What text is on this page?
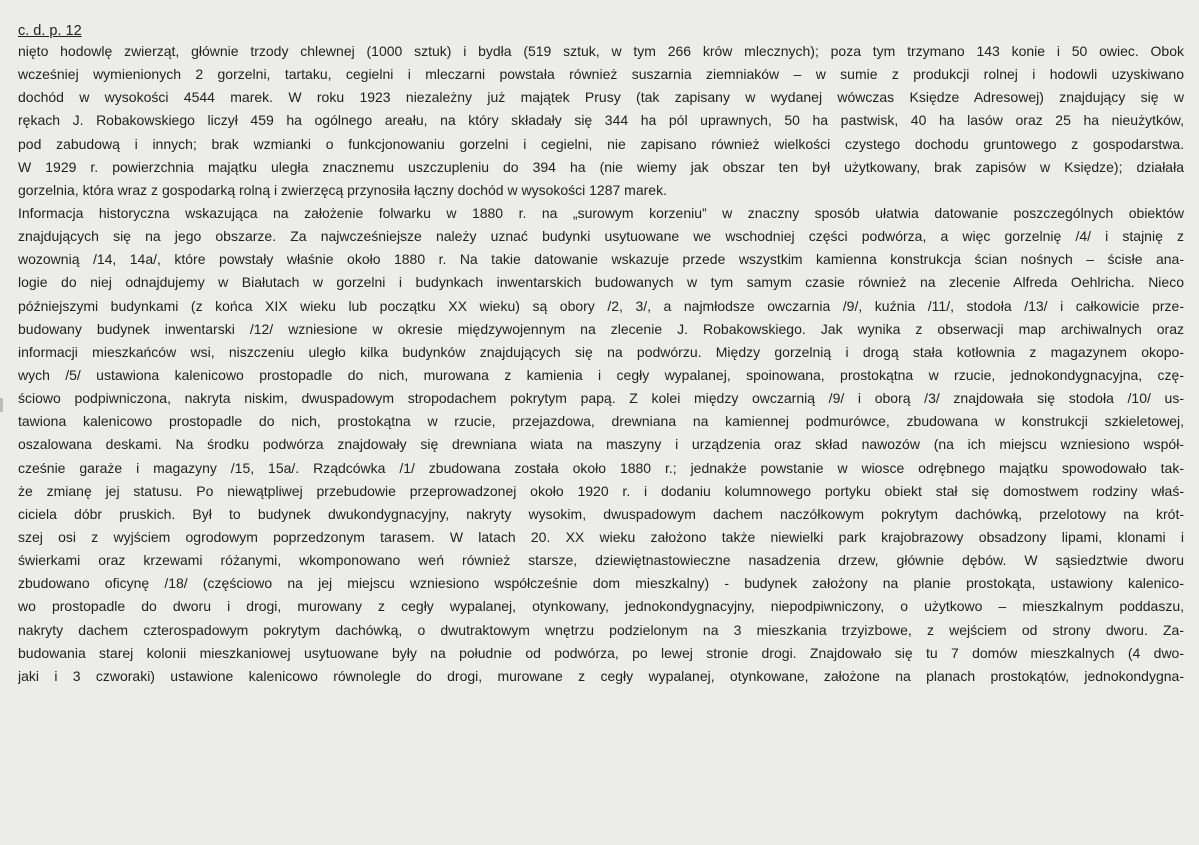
c. d. p. 12
nięto hodowlę zwierząt, głównie trzody chlewnej (1000 sztuk) i bydła (519 sztuk, w tym 266 krów mlecznych); poza tym trzymano 143 konie i 50 owiec. Obok
wcześniej wymienionych 2 gorzelni, tartaku, cegielni i mleczarni powstała również suszarnia ziemniaków – w sumie z produkcji rolnej i hodowli uzyskiwano
dochód w wysokości 4544 marek. W roku 1923 niezależny już majątek Prusy (tak zapisany w wydanej wówczas Księdze Adresowej) znajdujący się w
rękach J. Robakowskiego liczył 459 ha ogólnego areału, na który składały się 344 ha pól uprawnych, 50 ha pastwisk, 40 ha lasów oraz 25 ha nieużytków,
pod zabudową i innych; brak wzmianki o funkcjonowaniu gorzelni i cegielni, nie zapisano również wielkości czystego dochodu gruntowego z gospodarstwa.
W 1929 r. powierzchnia majątku uległa znacznemu uszczupleniu do 394 ha (nie wiemy jak obszar ten był użytkowany, brak zapisów w Księdze); działała
gorzelnia, która wraz z gospodarką rolną i zwierzęcą przynosiła łączny dochód w wysokości 1287 marek.
Informacja historyczna wskazująca na założenie folwarku w 1880 r. na „surowym korzeniu” w znaczny sposób ułatwia datowanie poszczególnych obiektów
znajdujących się na jego obszarze. Za najwcześniejsze należy uznać budynki usytuowane we wschodniej części podwórza, a więc gorzelnię /4/ i stajnię z
wozownią /14, 14a/, które powstały właśnie około 1880 r. Na takie datowanie wskazuje przede wszystkim kamienna konstrukcja ścian nośnych – ścisłe ana-
logie do niej odnajdujemy w Białutach w gorzelni i budynkach inwentarskich budowanych w tym samym czasie również na zlecenie Alfreda Oehlricha. Nieco
późniejszymi budynkami (z końca XIX wieku lub początku XX wieku) są obory /2, 3/, a najmłodsze owczarnia /9/, kuźnia /11/, stodoła /13/ i całkowicie prze-
budowany budynek inwentarski /12/ wzniesione w okresie międzywojennym na zlecenie J. Robakowskiego. Jak wynika z obserwacji map archiwalnych oraz
informacji mieszkańców wsi, niszczeniu uległo kilka budynków znajdujących się na podwórzu. Między gorzelnią i drogą stała kotłownia z magazynem okopo-
wych /5/ ustawiona kalenicowo prostopadle do nich, murowana z kamienia i cegły wypalanej, spoinowana, prostokątna w rzucie, jednokondygnacyjna, czę-
ściowo podpiwniczona, nakryta niskim, dwuspadowym stropodachem pokrytym papą. Z kolei między owczarnią /9/ i oborą /3/ znajdowała się stodoła /10/ us-
tawiona kalenicowo prostopadle do nich, prostokątna w rzucie, przejazdowa, drewniana na kamiennej podmurówce, zbudowana w konstrukcji szkieletowej,
oszalowana deskami. Na środku podwórza znajdowały się drewniana wiata na maszyny i urządzenia oraz skład nawozów (na ich miejscu wzniesiono współ-
cześnie garaże i magazyny /15, 15a/. Rządcówka /1/ zbudowana została około 1880 r.; jednakże powstanie w wiosce odrębnego majątku spowodowało tak-
że zmianę jej statusu. Po niewątpliwej przebudowie przeprowadzonej około 1920 r. i dodaniu kolumnowego portyku obiekt stał się domostwem rodziny właś-
ciciela dóbr pruskich. Był to budynek dwukondygnacyjny, nakryty wysokim, dwuspadowym dachem naczółkowym pokrytym dachówką, przelotowy na krót-
szej osi z wyjściem ogrodowym poprzedzonym tarasem. W latach 20. XX wieku założono także niewielki park krajobrazowy obsadzony lipami, klonami i
świerkami oraz krzewami różanymi, wkomponowano weń również starsze, dziewiętnastowieczne nasadzenia drzew, głównie dębów. W sąsiedztwie dworu
zbudowano oficynę /18/ (częściowo na jej miejscu wzniesiono współcześnie dom mieszkalny) - budynek założony na planie prostokąta, ustawiony kalenico-
wo prostopadle do dworu i drogi, murowany z cegły wypalanej, otynkowany, jednokondygnacyjny, niepodpiwniczony, o użytkowo – mieszkalnym poddaszu,
nakryty dachem czterospadowym pokrytym dachówką, o dwutraktowym wnętrzu podzielonym na 3 mieszkania trzyizbowe, z wejściem od strony dworu. Za-
budowania starej kolonii mieszkaniowej usytuowane były na południe od podwórza, po lewej stronie drogi. Znajdowało się tu 7 domów mieszkalnych (4 dwo-
jaki i 3 czworaki) ustawione kalenicowo równolegle do drogi, murowane z cegły wypalanej, otynkowane, założone na planach prostokątów, jednokondygna-
